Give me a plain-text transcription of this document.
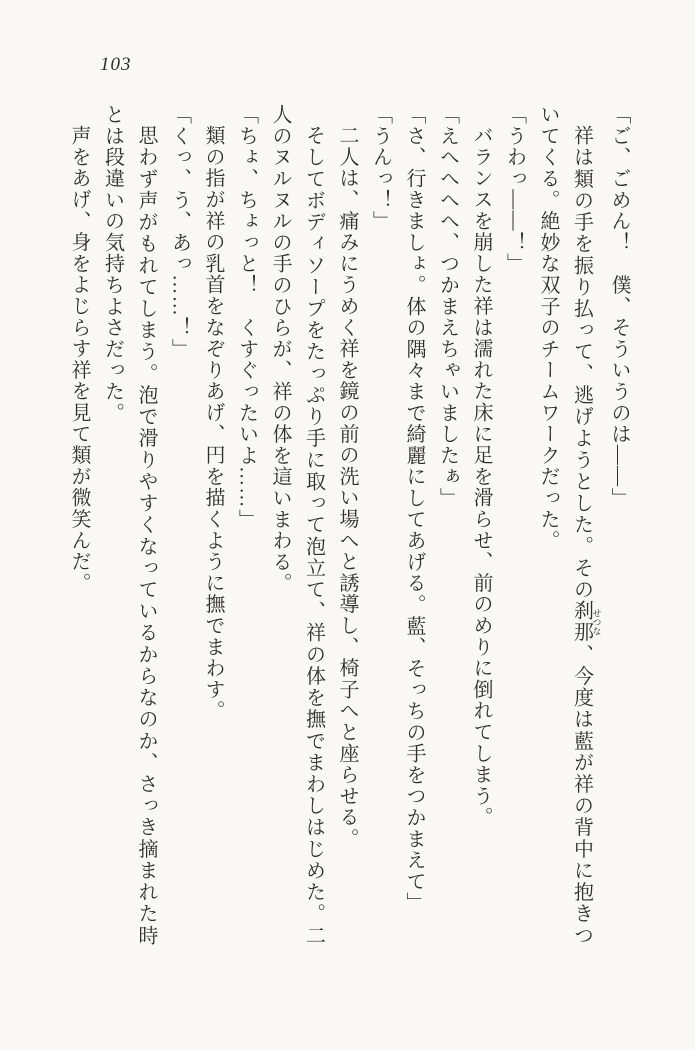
103

「ご、ごめん！　僕、そういうのは——」

祥は類の手を振り払って、逃げようとした。その刹那 せつな、今度は藍が祥の背中に抱きついてくる。絶妙な双子のチームワークだった。

「うわっ——！」

バランスを崩した祥は濡れた床に足を滑らせ、前のめりに倒れてしまう。

「えへへへへ、つかまえちゃいましたぁ」

「さ、行きましょ。体の隅々まで綺麗にしてあげる。藍、そっちの手をつかまえて」

「うんっ！」

二人は、痛みにうめく祥を鏡の前の洗い場へと誘導し、椅子へと座らせる。

そしてボディソープをたっぷり手に取って泡立て、祥の体を撫でまわしはじめた。二人のヌルヌルの手のひらが、祥の体を這いまわる。

「ちょ、ちょっと！　くすぐったいよ……」

類の指が祥の乳首をなぞりあげ、円を描くように撫でまわす。

「くっ、う、あっ……！」

思わず声がもれてしまう。泡で滑りやすくなっているからなのか、さっき摘まれた時とは段違いの気持ちよさだった。

声をあげ、身をよじらす祥を見て類が微笑んだ。
